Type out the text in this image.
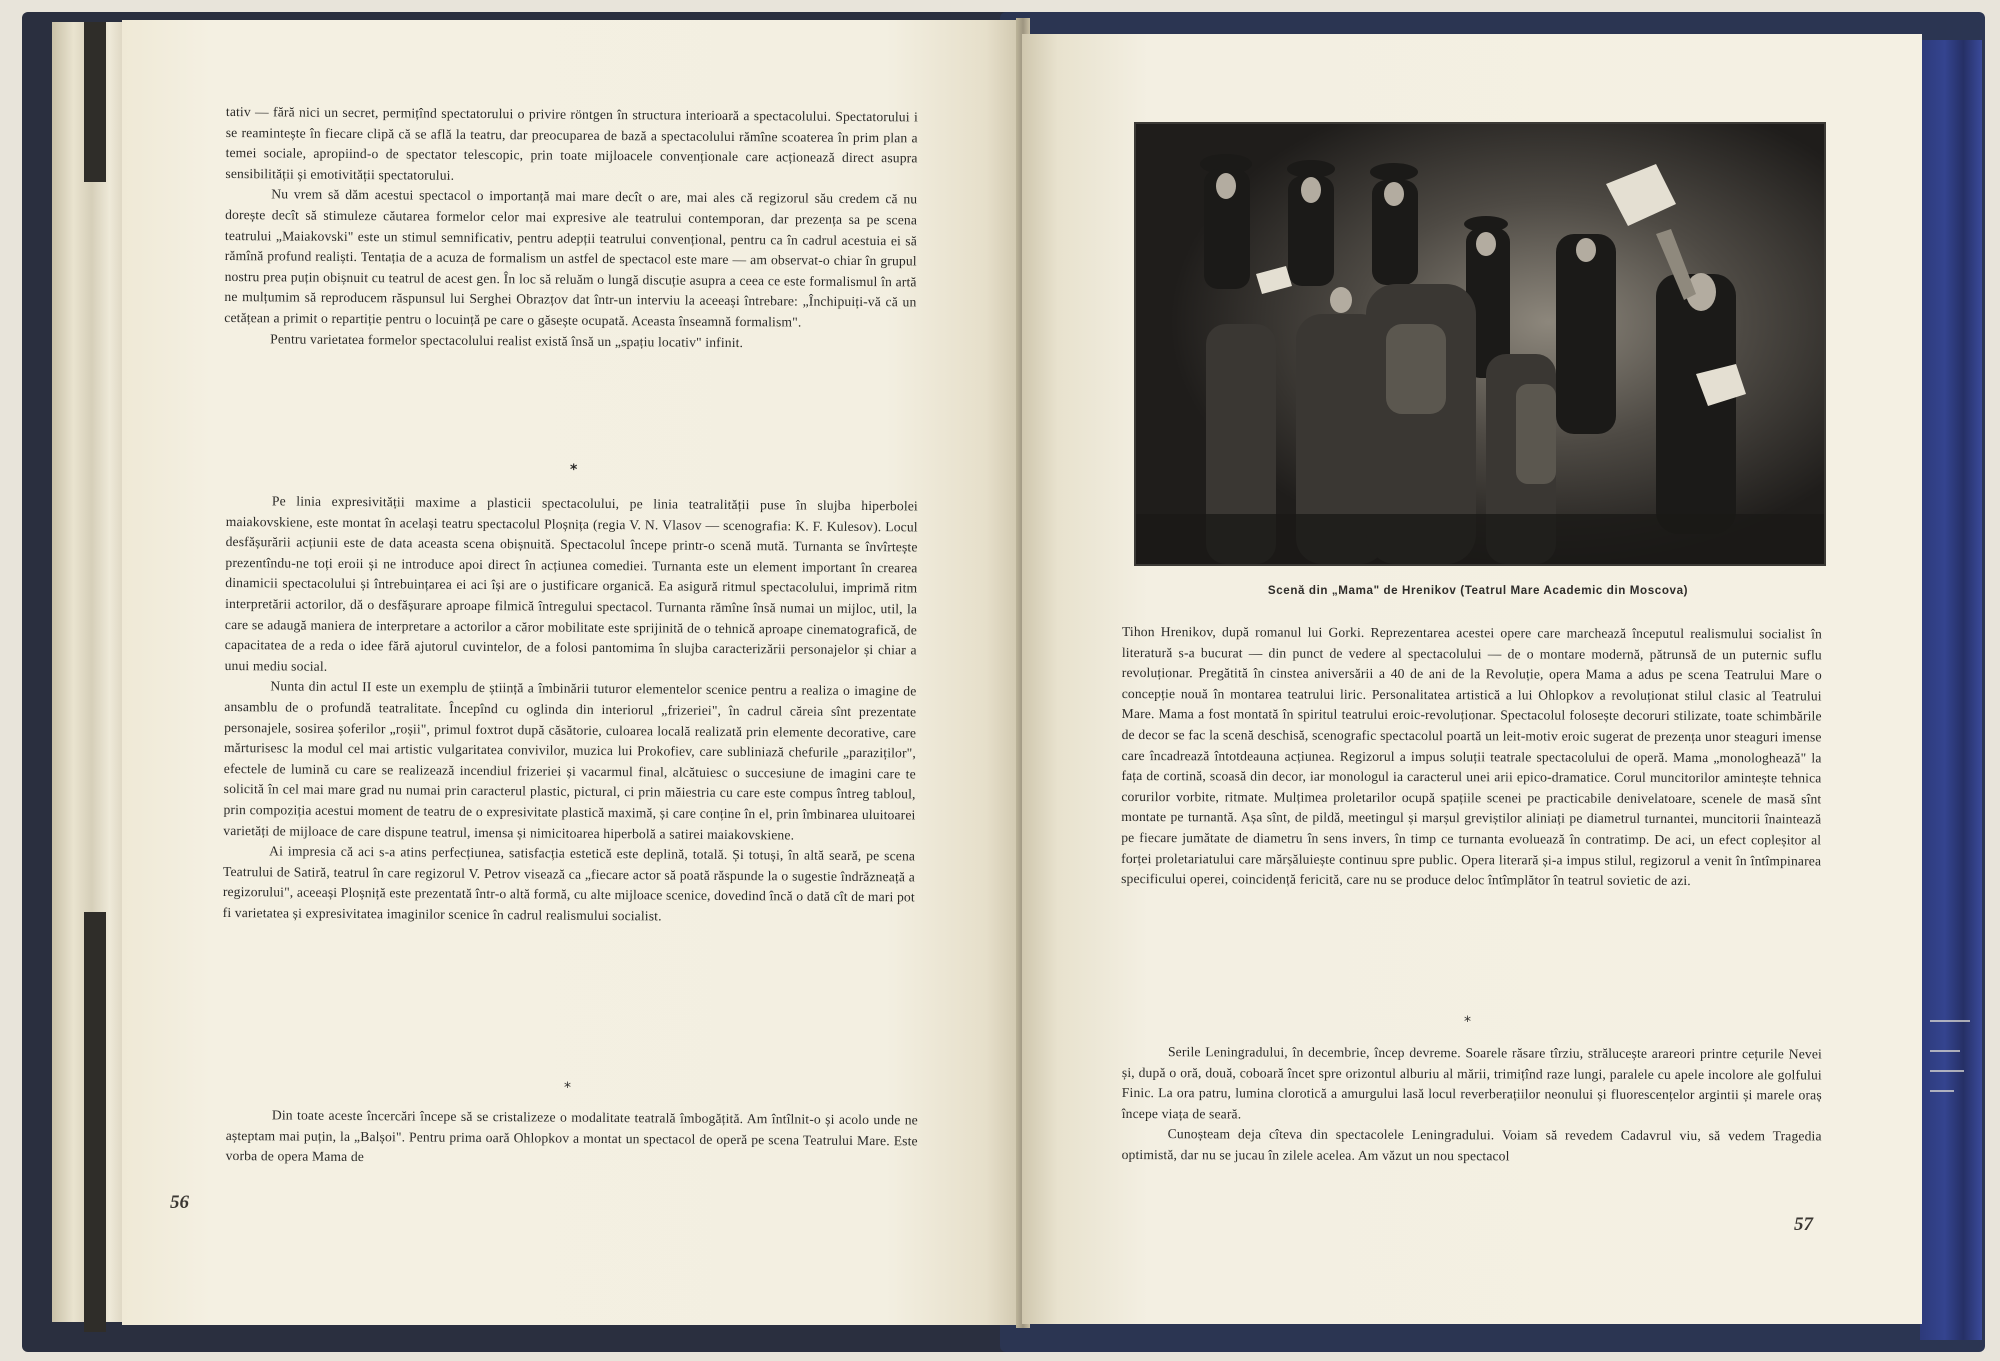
tativ — fără nici un secret, permițînd spectatorului o privire röntgen în structura interioară a spectacolului. Spectatorului i se reamintește în fiecare clipă că se află la teatru, dar preocuparea de bază a spectacolului rămîne scoaterea în prim plan a temei sociale, apropiind-o de spectator telescopic, prin toate mijloacele convenționale care acționează direct asupra sensibilității și emotivității spectatorului.

Nu vrem să dăm acestui spectacol o importanță mai mare decît o are, mai ales că regizorul său credem că nu dorește decît să stimuleze căutarea formelor celor mai expresive ale teatrului contemporan, dar prezența sa pe scena teatrului „Maiakovski" este un stimul semnificativ, pentru adepții teatrului convențional, pentru ca în cadrul acestuia ei să rămînă profund realiști. Tentația de a acuza de formalism un astfel de spectacol este mare — am observat-o chiar în grupul nostru prea puțin obișnuit cu teatrul de acest gen. În loc să reluăm o lungă discuție asupra a ceea ce este formalismul în artă ne mulțumim să reproducem răspunsul lui Serghei Obrazțov dat într-un interviu la aceeași întrebare: „Închipuiți-vă că un cetățean a primit o repartiție pentru o locuință pe care o găsește ocupată. Aceasta înseamnă formalism".

Pentru varietatea formelor spectacolului realist există însă un „spațiu locativ" infinit.

*

Pe linia expresivității maxime a plasticii spectacolului, pe linia teatralității puse în slujba hiperbolei maiakovskiene, este montat în același teatru spectacolul Ploșnița (regia V. N. Vlasov — scenografia: K. F. Kulesov). Locul desfășurării acțiunii este de data aceasta scena obișnuită. Spectacolul începe printr-o scenă mută. Turnanta se învîrtește prezentîndu-ne toți eroii și ne introduce apoi direct în acțiunea comediei. Turnanta este un element important în crearea dinamicii spectacolului și întrebuințarea ei aci își are o justificare organică. Ea asigură ritmul spectacolului, imprimă ritm interpretării actorilor, dă o desfășurare aproape filmică întregului spectacol. Turnanta rămîne însă numai un mijloc, util, la care se adaugă maniera de interpretare a actorilor a căror mobilitate este sprijinită de o tehnică aproape cinematografică, de capacitatea de a reda o idee fără ajutorul cuvintelor, de a folosi pantomima în slujba caracterizării personajelor și chiar a unui mediu social.

Nunta din actul II este un exemplu de știință a îmbinării tuturor elementelor scenice pentru a realiza o imagine de ansamblu de o profundă teatralitate. Începînd cu oglinda din interiorul „frizeriei", în cadrul căreia sînt prezentate personajele, sosirea șoferilor „roșii", primul foxtrot după căsătorie, culoarea locală realizată prin elemente decorative, care mărturisesc la modul cel mai artistic vulgaritatea convivilor, muzica lui Prokofiev, care subliniază chefurile „paraziților", efectele de lumină cu care se realizează incendiul frizeriei și vacarmul final, alcătuiesc o succesiune de imagini care te solicită în cel mai mare grad nu numai prin caracterul plastic, pictural, ci prin măiestria cu care este compus întreg tabloul, prin compoziția acestui moment de teatru de o expresivitate plastică maximă, și care conține în el, prin îmbinarea uluitoarei varietăți de mijloace de care dispune teatrul, imensa și nimicitoarea hiperbolă a satirei maiakovskiene.

Ai impresia că aci s-a atins perfecțiunea, satisfacția estetică este deplină, totală. Și totuși, în altă seară, pe scena Teatrului de Satiră, teatrul în care regizorul V. Petrov visează ca „fiecare actor să poată răspunde la o sugestie îndrăzneață a regizorului", aceeași Ploșniță este prezentată într-o altă formă, cu alte mijloace scenice, dovedind încă o dată cît de mari pot fi varietatea și expresivitatea imaginilor scenice în cadrul realismului socialist.

*

Din toate aceste încercări începe să se cristalizeze o modalitate teatrală îmbogățită. Am întîlnit-o și acolo unde ne așteptam mai puțin, la „Balșoi". Pentru prima oară Ohlopkov a montat un spectacol de operă pe scena Teatrului Mare. Este vorba de opera Mama de

56
Scenă din „Mama" de Hrenikov (Teatrul Mare Academic din Moscova)

Tihon Hrenikov, după romanul lui Gorki. Reprezentarea acestei opere care marchează începutul realismului socialist în literatură s-a bucurat — din punct de vedere al spectacolului — de o montare modernă, pătrunsă de un puternic suflu revoluționar. Pregătită în cinstea aniversării a 40 de ani de la Revoluție, opera Mama a adus pe scena Teatrului Mare o concepție nouă în montarea teatrului liric. Personalitatea artistică a lui Ohlopkov a revoluționat stilul clasic al Teatrului Mare. Mama a fost montată în spiritul teatrului eroic-revoluționar. Spectacolul folosește decoruri stilizate, toate schimbările de decor se fac la scenă deschisă, scenografic spectacolul poartă un leit-motiv eroic sugerat de prezența unor steaguri imense care încadrează întotdeauna acțiunea. Regizorul a impus soluții teatrale spectacolului de operă. Mama „monologhează" la fața de cortină, scoasă din decor, iar monologul ia caracterul unei arii epico-dramatice. Corul muncitorilor amintește tehnica corurilor vorbite, ritmate. Mulțimea proletarilor ocupă spațiile scenei pe practicabile denivelatoare, scenele de masă sînt montate pe turnantă. Așa sînt, de pildă, meetingul și marșul greviștilor aliniați pe diametrul turnantei, muncitorii înaintează pe fiecare jumătate de diametru în sens invers, în timp ce turnanta evoluează în contratimp. De aci, un efect copleșitor al forței proletariatului care mărșăluiește continuu spre public. Opera literară și-a impus stilul, regizorul a venit în întîmpinarea specificului operei, coincidență fericită, care nu se produce deloc întîmplător în teatrul sovietic de azi.

*

Serile Leningradului, în decembrie, încep devreme. Soarele răsare tîrziu, strălucește arareori printre cețurile Nevei și, după o oră, două, coboară încet spre orizontul alburiu al mării, trimițînd raze lungi, paralele cu apele incolore ale golfului Finic. La ora patru, lumina clorotică a amurgului lasă locul reverberațiilor neonului și fluorescențelor argintii și marele oraș începe viața de seară.

Cunoșteam deja cîteva din spectacolele Leningradului. Voiam să revedem Cadavrul viu, să vedem Tragedia optimistă, dar nu se jucau în zilele acelea. Am văzut un nou spectacol

57
